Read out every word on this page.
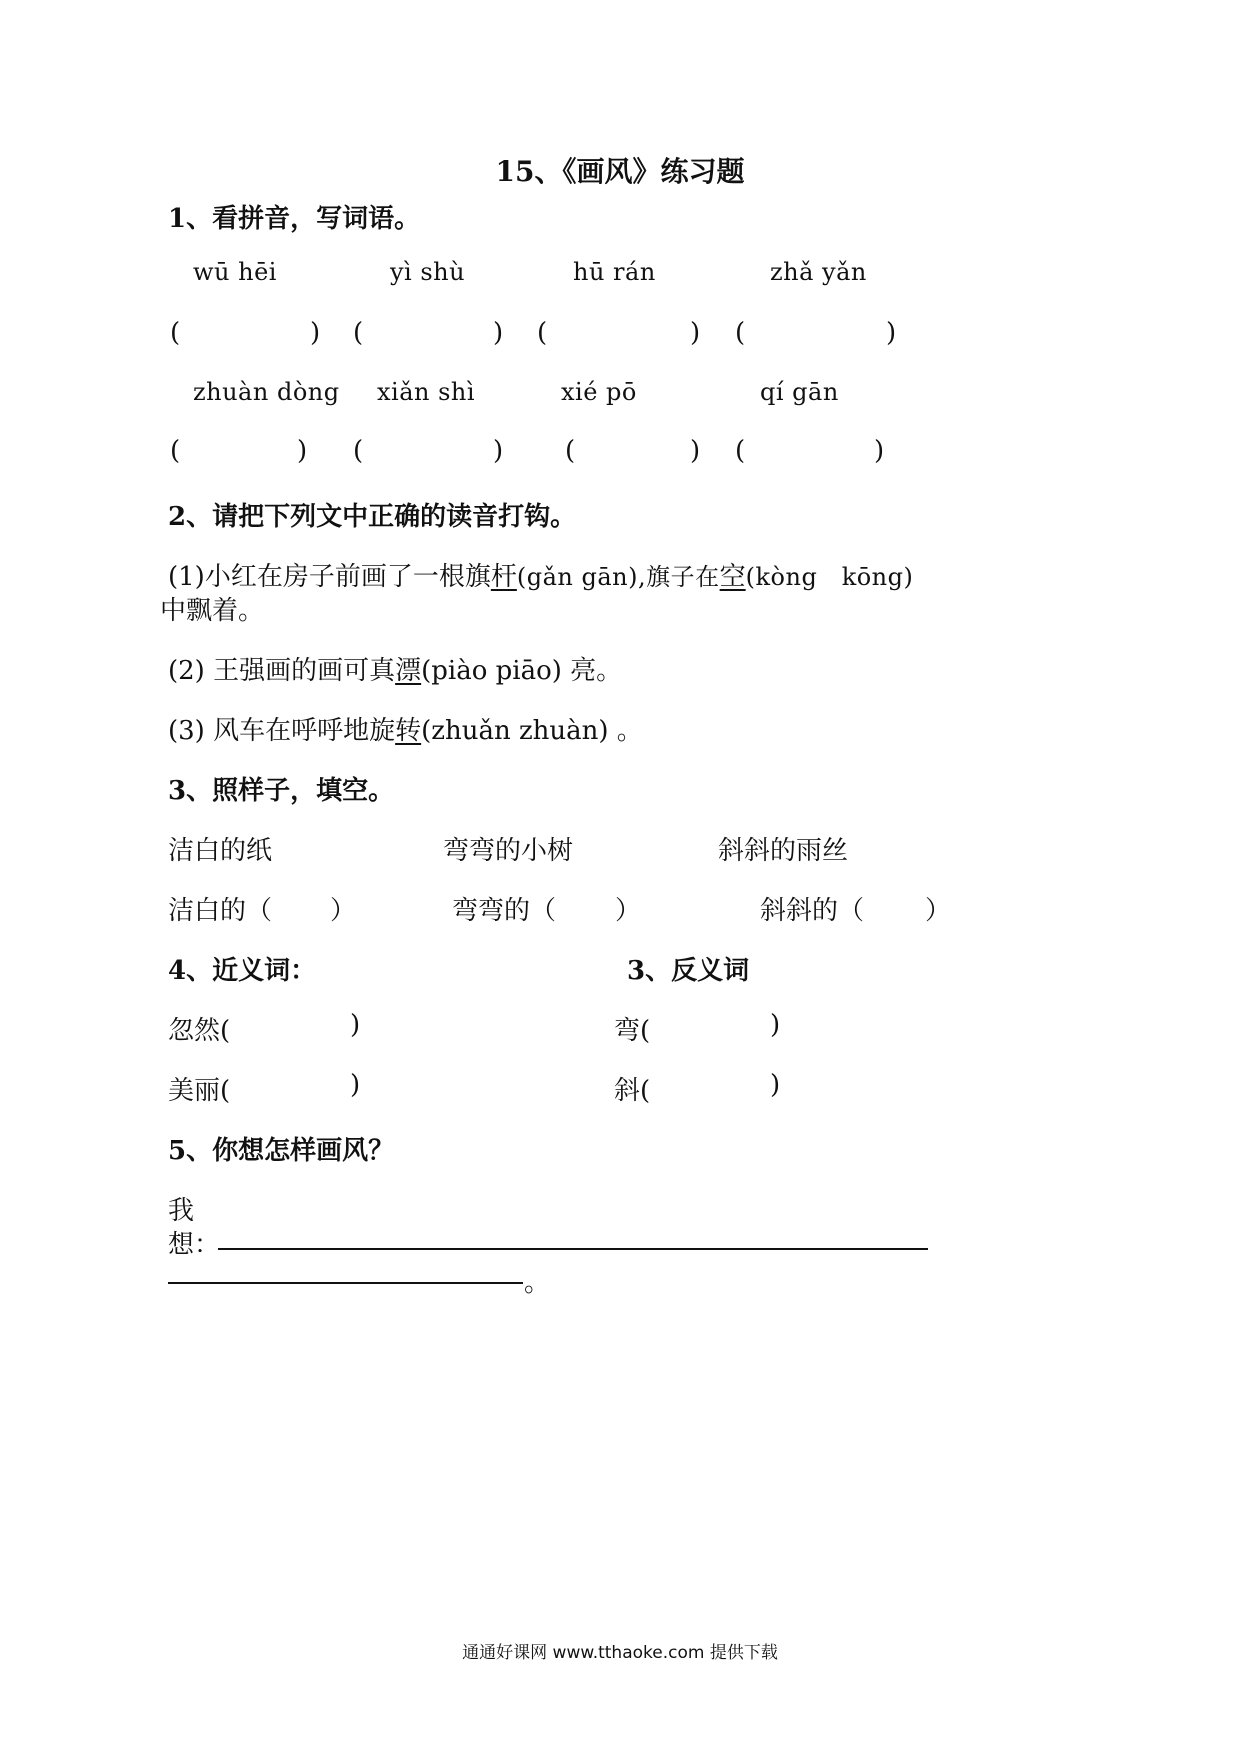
15、《画风》练习题
1、看拼音，写词语。
wū hēi	yì shù	hū rán	zhǎ yǎn
(	) (	) (	) (	)
zhuàn dòng xiǎn shì	xié pō	qí gān
(	) (	) (	) (	)
2、请把下列文中正确的读音打钩。
(1)小红在房子前画了一根旗杆(gǎn gān),旗子在空(kòng   kōng)
中飘着。
(2) 王强画的画可真漂(piào piāo) 亮。
(3) 风车在呼呼地旋转(zhuǎn zhuàn) 。
3、照样子，填空。
洁白的纸	弯弯的小树	斜斜的雨丝
洁白的（ ）	弯弯的（ ）	斜斜的（ ）
4、近义词：	3、反义词
忽然(	)	弯(	)
美丽(	)	斜(	)
5、你想怎样画风？
我
想：
。
通通好课网 www.tthaoke.com 提供下载
